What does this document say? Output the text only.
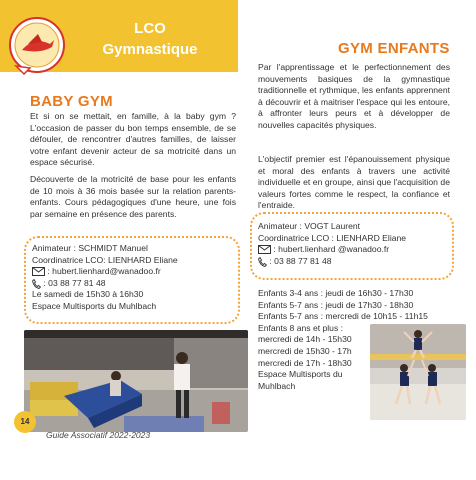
LCO
Gymnastique
BABY GYM
Et si on se mettait, en famille, à la baby gym ? L'occasion de passer du bon temps ensemble, de se défouler, de rencontrer d'autres familles, de laisser votre enfant devenir acteur de sa motricité dans un espace sécurisé.
Découverte de la motricité de base pour les enfants de 10 mois à 36 mois basée sur la relation parents-enfants. Cours pédagogiques d'une heure, une fois par semaine en présence des parents.
Animateur : SCHMIDT Manuel
Coordinatrice LCO: LIENHARD Eliane
: hubert.lienhard@wanadoo.fr
: 03 88 77 81 48
Le samedi de 15h30 à 16h30
Espace Multisports du Muhlbach
GYM ENFANTS
Par l'apprentissage et le perfectionnement des mouvements basiques de la gymnastique traditionnelle et rythmique, les enfants apprennent à découvrir et à maitriser l'espace qui les entoure, à affronter leurs peurs et à développer de nouvelles capacités physiques.
L'objectif premier est l'épanouissement physique et moral des enfants à travers une activité individuelle et en groupe, ainsi que l'acquisition de valeurs fortes comme le respect, la confiance et l'entraide.
Animateur : VOGT Laurent
Coordinatrice LCO : LIENHARD Eliane
: hubert.lienhard @wanadoo.fr
: 03 88 77 81 48
Enfants 3-4 ans : jeudi de 16h30 - 17h30
Enfants 5-7 ans : jeudi de 17h30 - 18h30
Enfants 5-7 ans : mercredi de 10h15 - 11h15
Enfants 8 ans et plus :
mercredi de 14h - 15h30
mercredi de 15h30 - 17h
mercredi de 17h - 18h30
Espace Multisports du
Muhlbach
14
Guide Associatif 2022-2023
